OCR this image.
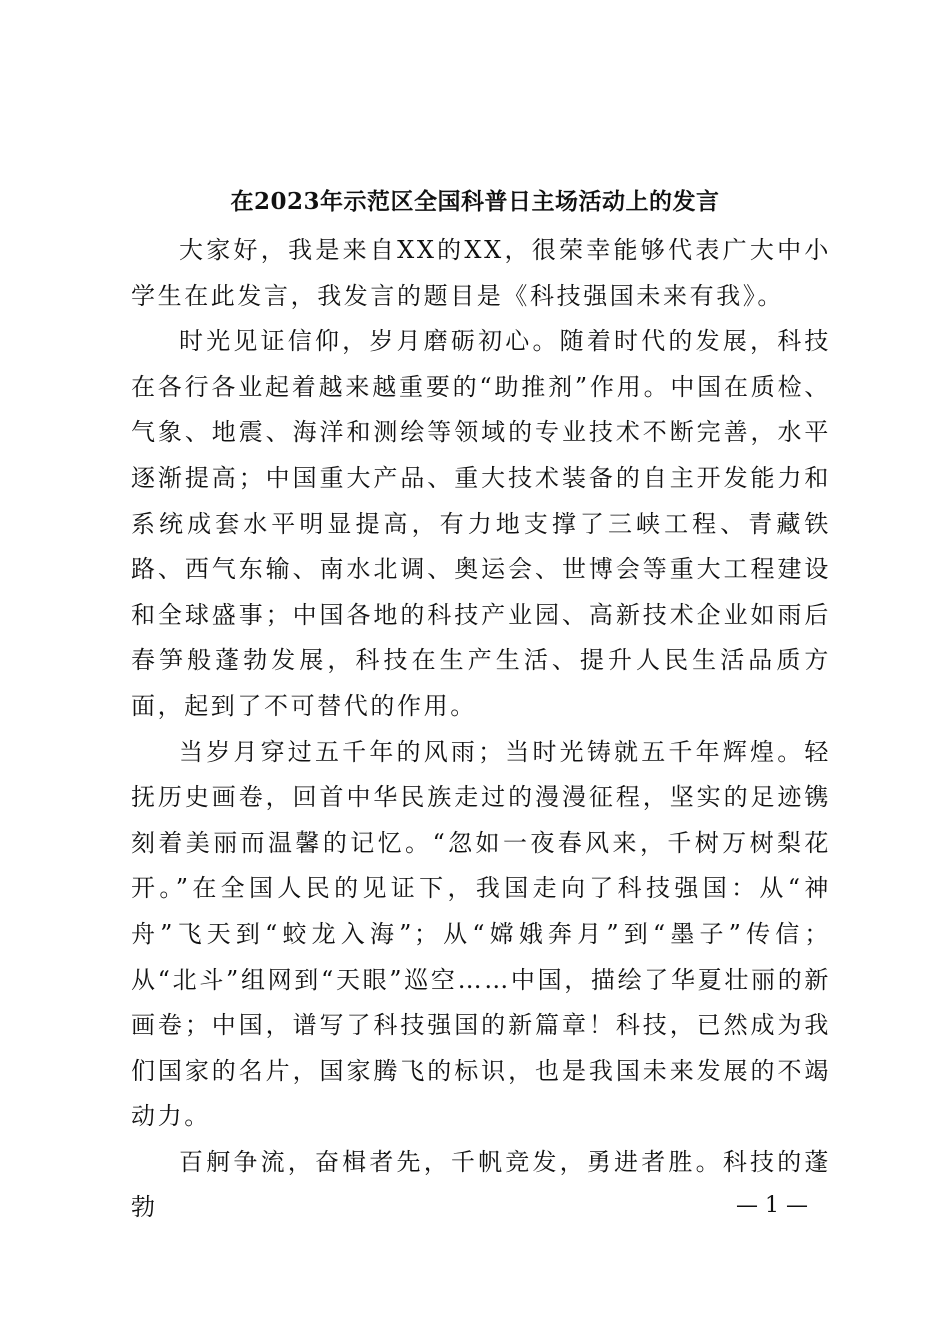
在2023年示范区全国科普日主场活动上的发言

大家好，我是来自XX的XX，很荣幸能够代表广大中小学生在此发言，我发言的题目是《科技强国未来有我》。

时光见证信仰，岁月磨砺初心。随着时代的发展，科技在各行各业起着越来越重要的“助推剂”作用。中国在质检、气象、地震、海洋和测绘等领域的专业技术不断完善，水平逐渐提高；中国重大产品、重大技术装备的自主开发能力和系统成套水平明显提高，有力地支撑了三峡工程、青藏铁路、西气东输、南水北调、奥运会、世博会等重大工程建设和全球盛事；中国各地的科技产业园、高新技术企业如雨后春笋般蓬勃发展，科技在生产生活、提升人民生活品质方面，起到了不可替代的作用。

当岁月穿过五千年的风雨；当时光铸就五千年辉煌。轻抚历史画卷，回首中华民族走过的漫漫征程，坚实的足迹镌刻着美丽而温馨的记忆。“忽如一夜春风来，千树万树梨花开。”在全国人民的见证下，我国走向了科技强国：从“神舟”飞天到“蛟龙入海”；从“嫦娥奔月”到“墨子”传信；从“北斗”组网到“天眼”巡空……中国，描绘了华夏壮丽的新画卷；中国，谱写了科技强国的新篇章！科技，已然成为我们国家的名片，国家腾飞的标识，也是我国未来发展的不竭动力。

百舸争流，奋楫者先，千帆竞发，勇进者胜。科技的蓬勃	— 1 —
